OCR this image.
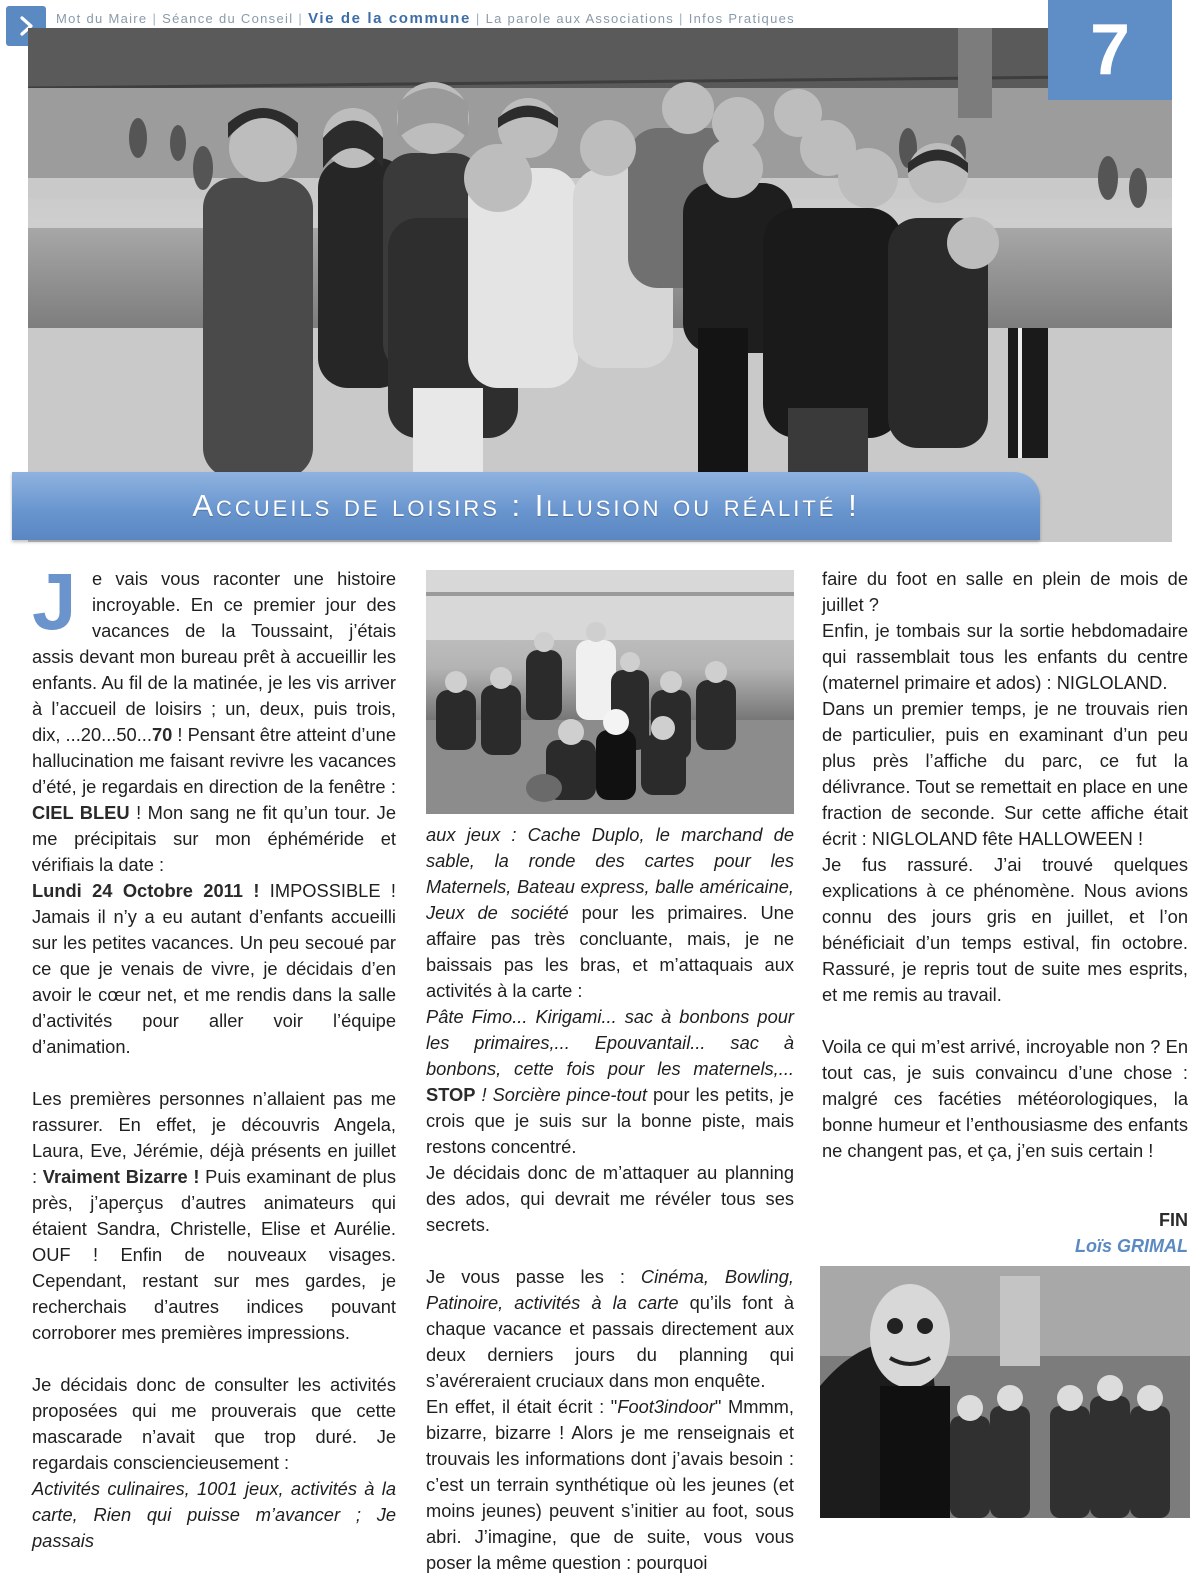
Mot du Maire | Séance du Conseil | Vie de la commune | La parole aux Associations | Infos Pratiques	7
Accueils de loisirs : Illusion ou réalité !

J e vais vous raconter une histoire incroyable. En ce premier jour des vacances de la Toussaint, j’étais assis devant mon bureau prêt à accueillir les enfants. Au fil de la matinée, je les vis arriver à l’accueil de loisirs ; un, deux, puis trois, dix, ...20...50...70 ! Pensant être atteint d’une hallucination me faisant revivre les vacances d’été, je regardais en direction de la fenêtre : CIEL BLEU ! Mon sang ne fit qu’un tour. Je me précipitais sur mon éphéméride et vérifiais la date :

Lundi 24 Octobre 2011 ! IMPOSSIBLE ! Jamais il n’y a eu autant d’enfants accueilli sur les petites vacances. Un peu secoué par ce que je venais de vivre, je décidais d’en avoir le cœur net, et me rendis dans la salle d’activités pour aller voir l’équipe d’animation.

Les premières personnes n’allaient pas me rassurer. En effet, je découvris Angela, Laura, Eve, Jérémie, déjà présents en juillet : Vraiment Bizarre ! Puis examinant de plus près, j’aperçus d’autres animateurs qui étaient Sandra, Christelle, Elise et Aurélie. OUF ! Enfin de nouveaux visages. Cependant, restant sur mes gardes, je recherchais d’autres indices pouvant corroborer mes premières impressions.

Je décidais donc de consulter les activités proposées qui me prouverais que cette mascarade n’avait que trop duré. Je regardais consciencieusement :

Activités culinaires, 1001 jeux, activités à la carte, Rien qui puisse m’avancer ; Je passais

aux jeux : Cache Duplo, le marchand de sable, la ronde des cartes pour les Maternels, Bateau express, balle américaine, Jeux de société pour les primaires. Une affaire pas très concluante, mais, je ne baissais pas les bras, et m’attaquais aux activités à la carte :

Pâte Fimo... Kirigami... sac à bonbons pour les primaires,... Epouvantail... sac à bonbons, cette fois pour les maternels,... STOP ! Sorcière pince-tout pour les petits, je crois que je suis sur la bonne piste, mais restons concentré.

Je décidais donc de m’attaquer au planning des ados, qui devrait me révéler tous ses secrets.

Je vous passe les : Cinéma, Bowling, Patinoire, activités à la carte qu’ils font à chaque vacance et passais directement aux deux derniers jours du planning qui s’avéreraient cruciaux dans mon enquête.

En effet, il était écrit : "Foot3indoor" Mmmm, bizarre, bizarre ! Alors je me renseignais et trouvais les informations dont j’avais besoin : c’est un terrain synthétique où les jeunes (et moins jeunes) peuvent s’initier au foot, sous abri. J’imagine, que de suite, vous vous poser la même question : pourquoi

faire du foot en salle en plein de mois de juillet ?

Enfin, je tombais sur la sortie hebdomadaire qui rassemblait tous les enfants du centre (maternel primaire et ados) : NIGLOLAND.

Dans un premier temps, je ne trouvais rien de particulier, puis en examinant d’un peu plus près l’affiche du parc, ce fut la délivrance. Tout se remettait en place en une fraction de seconde. Sur cette affiche était écrit : NIGLOLAND fête HALLOWEEN !

Je fus rassuré. J’ai trouvé quelques explications à ce phénomène. Nous avions connu des jours gris en juillet, et l’on bénéficiait d’un temps estival, fin octobre. Rassuré, je repris tout de suite mes esprits, et me remis au travail.

Voila ce qui m’est arrivé, incroyable non ? En tout cas, je suis convaincu d’une chose : malgré ces facéties météorologiques, la bonne humeur et l’enthousiasme des enfants ne changent pas, et ça, j’en suis certain !

FIN
Loïs GRIMAL
